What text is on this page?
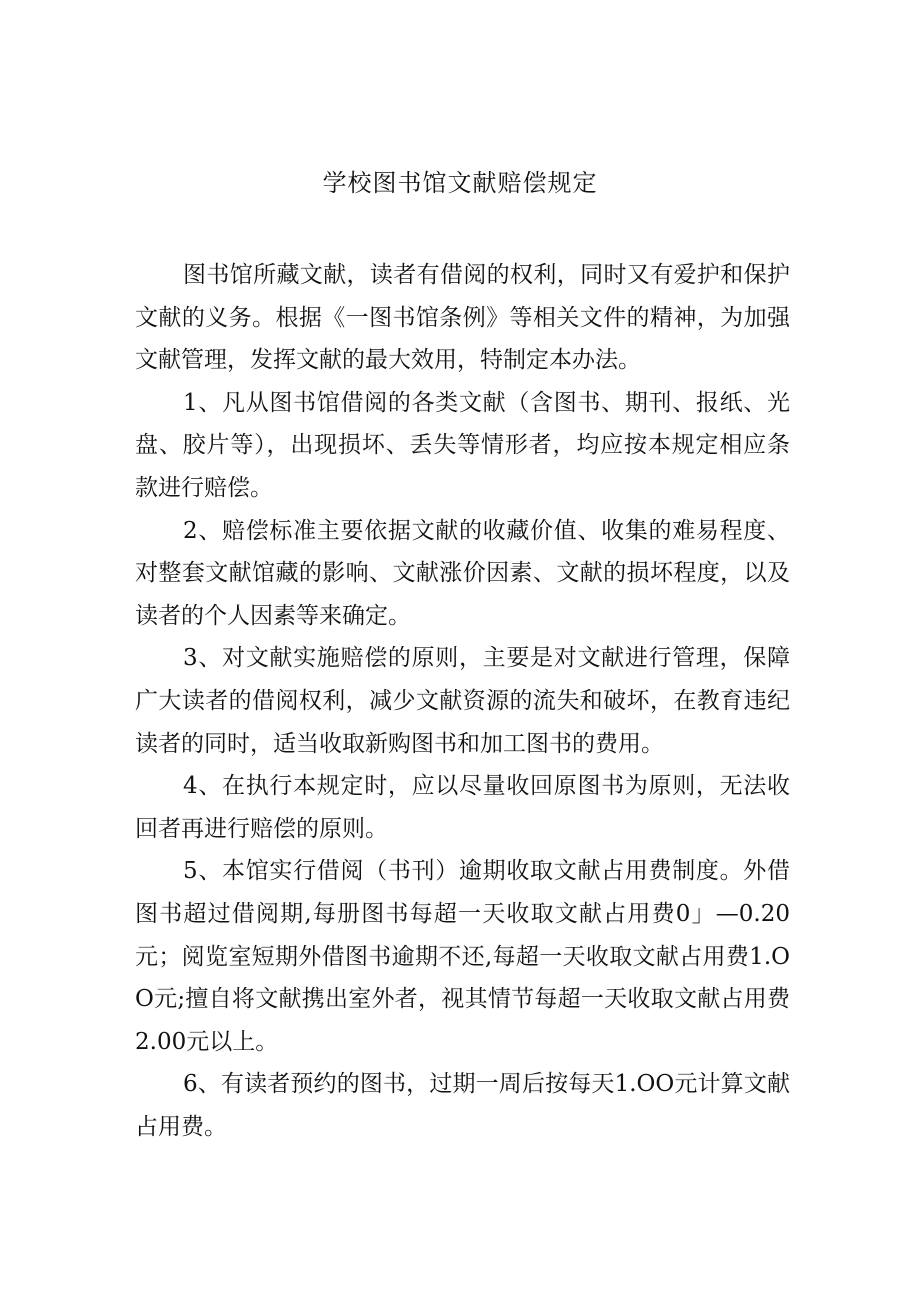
学校图书馆文献赔偿规定

图书馆所藏文献，读者有借阅的权利，同时又有爱护和保护文献的义务。根据《一图书馆条例》等相关文件的精神，为加强文献管理，发挥文献的最大效用，特制定本办法。

1、凡从图书馆借阅的各类文献（含图书、期刊、报纸、光盘、胶片等），出现损坏、丢失等情形者，均应按本规定相应条款进行赔偿。

2、赔偿标准主要依据文献的收藏价值、收集的难易程度、对整套文献馆藏的影响、文献涨价因素、文献的损坏程度，以及读者的个人因素等来确定。

3、对文献实施赔偿的原则，主要是对文献进行管理，保障广大读者的借阅权利，减少文献资源的流失和破坏，在教育违纪读者的同时，适当收取新购图书和加工图书的费用。

4、在执行本规定时，应以尽量收回原图书为原则，无法收回者再进行赔偿的原则。

5、本馆实行借阅（书刊）逾期收取文献占用费制度。外借图书超过借阅期,每册图书每超一天收取文献占用费0」—0.20元；阅览室短期外借图书逾期不还,每超一天收取文献占用费1.OO元;擅自将文献携出室外者，视其情节每超一天收取文献占用费2.00元以上。

6、有读者预约的图书，过期一周后按每天1.OO元计算文献占用费。
